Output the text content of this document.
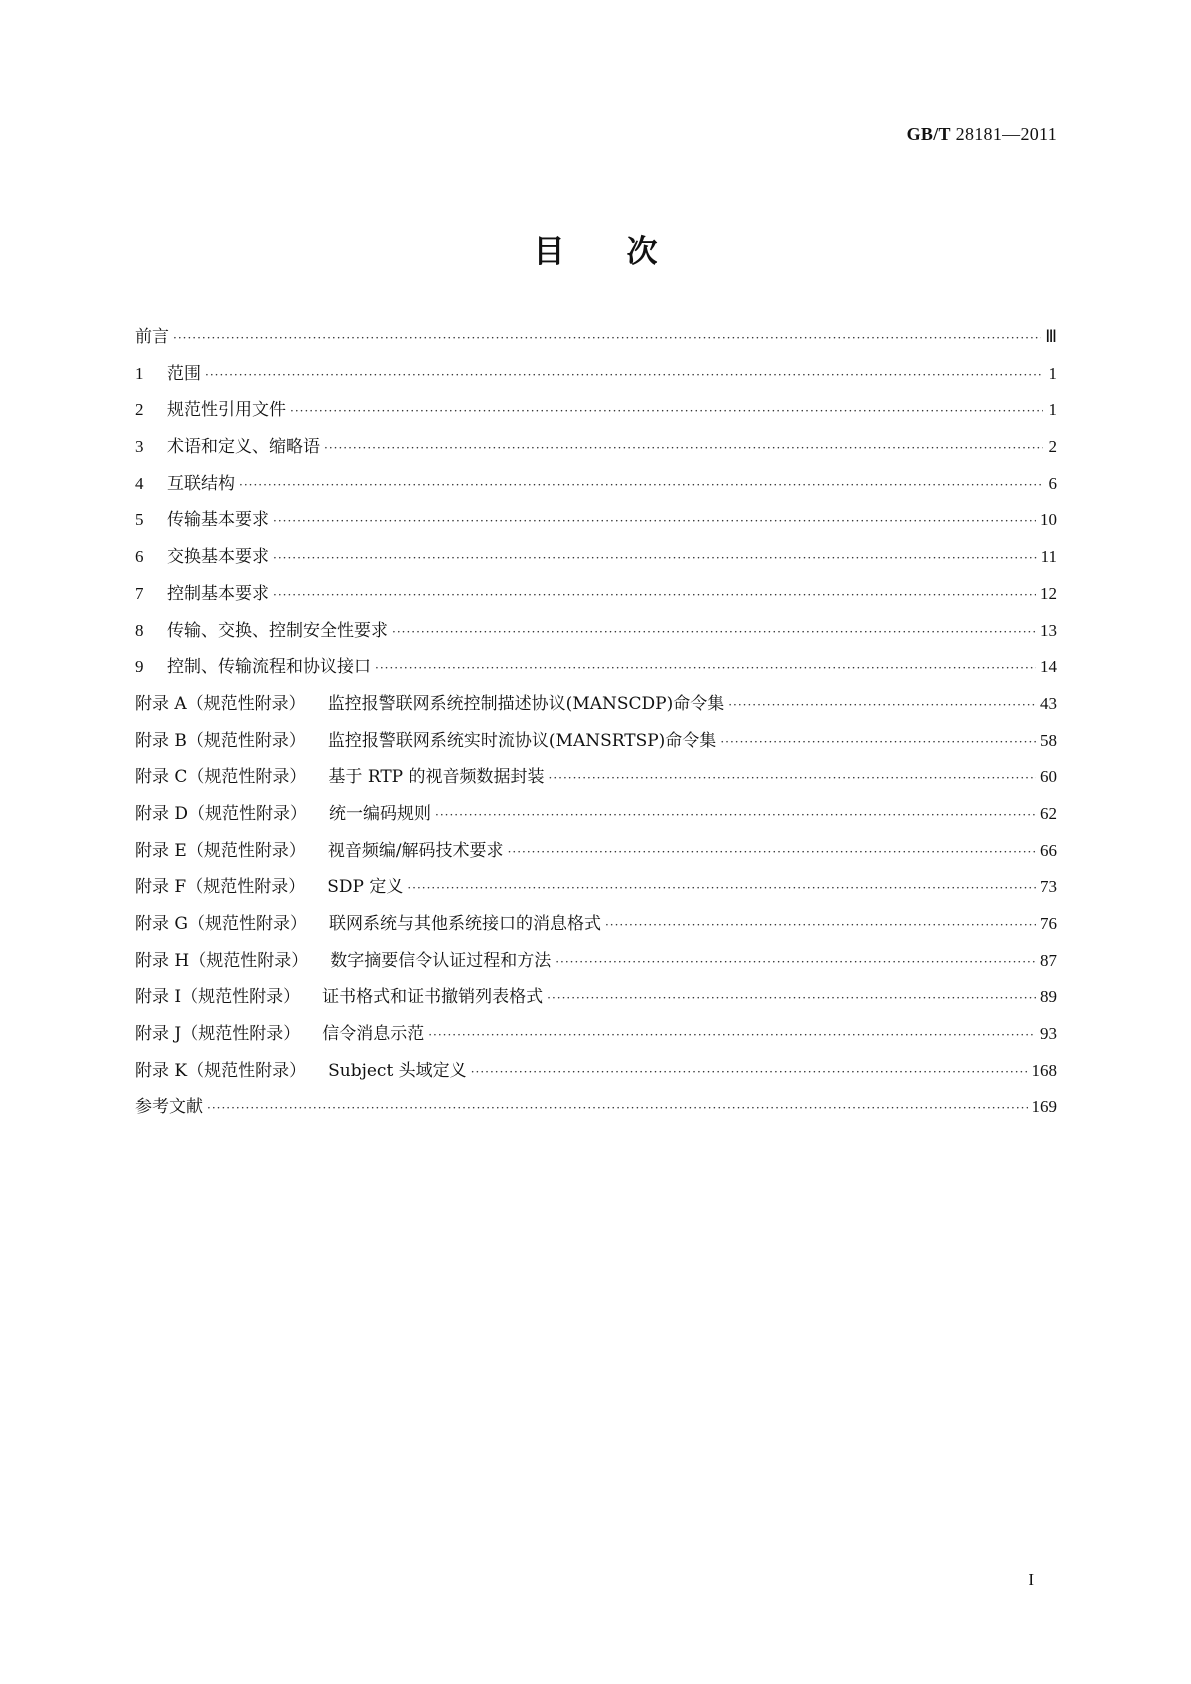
GB/T 28181—2011
目次
前言 ·····	Ⅲ
1 范围 ·····	1
2 规范性引用文件 ·····	1
3 术语和定义、缩略语 ·····	2
4 互联结构 ·····	6
5 传输基本要求 ·····	10
6 交换基本要求 ·····	11
7 控制基本要求 ·····	12
8 传输、交换、控制安全性要求 ·····	13
9 控制、传输流程和协议接口 ·····	14
附录 A（规范性附录） 监控报警联网系统控制描述协议(MANSCDP)命令集 ·····	43
附录 B（规范性附录） 监控报警联网系统实时流协议(MANSRTSP)命令集 ·····	58
附录 C（规范性附录） 基于 RTP 的视音频数据封装 ·····	60
附录 D（规范性附录） 统一编码规则 ·····	62
附录 E（规范性附录） 视音频编/解码技术要求 ·····	66
附录 F（规范性附录） SDP 定义 ·····	73
附录 G（规范性附录） 联网系统与其他系统接口的消息格式 ·····	76
附录 H（规范性附录） 数字摘要信令认证过程和方法 ·····	87
附录 I（规范性附录） 证书格式和证书撤销列表格式 ·····	89
附录 J（规范性附录） 信令消息示范 ·····	93
附录 K（规范性附录） Subject 头域定义 ·····	168
参考文献 ·····	169
I
